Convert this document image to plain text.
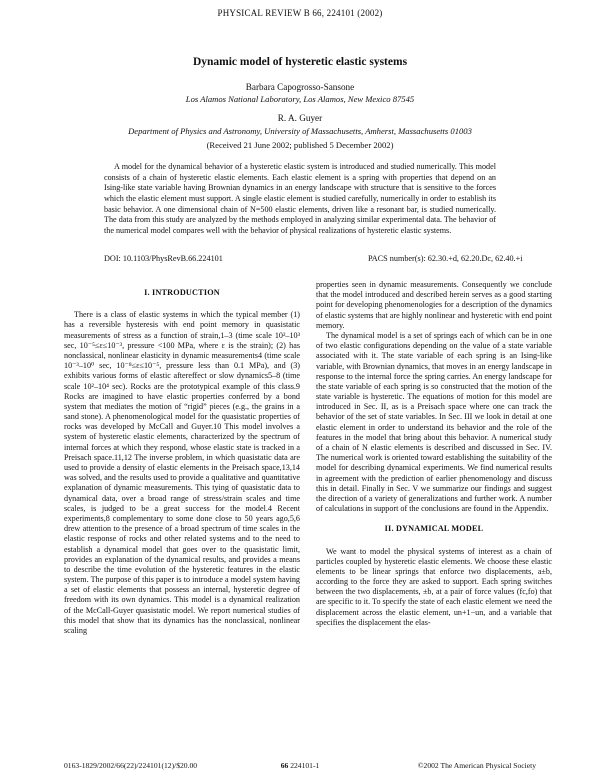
PHYSICAL REVIEW B 66, 224101 (2002)
Dynamic model of hysteretic elastic systems
Barbara Capogrosso-Sansone
Los Alamos National Laboratory, Los Alamos, New Mexico 87545
R. A. Guyer
Department of Physics and Astronomy, University of Massachusetts, Amherst, Massachusetts 01003
(Received 21 June 2002; published 5 December 2002)

A model for the dynamical behavior of a hysteretic elastic system is introduced and studied numerically. This model consists of a chain of hysteretic elastic elements. Each elastic element is a spring with properties that depend on an Ising-like state variable having Brownian dynamics in an energy landscape with structure that is sensitive to the forces which the elastic element must support. A single elastic element is studied carefully, numerically in order to establish its basic behavior. A one dimensional chain of N=500 elastic elements, driven like a resonant bar, is studied numerically. The data from this study are analyzed by the methods employed in analyzing similar experimental data. The behavior of the numerical model compares well with the behavior of physical realizations of hysteretic elastic systems.

DOI: 10.1103/PhysRevB.66.224101	PACS number(s): 62.30.+d, 62.20.Dc, 62.40.+i
I. INTRODUCTION

There is a class of elastic systems in which the typical member (1) has a reversible hysteresis with end point memory in quasistatic measurements of stress as a function of strain,1–3 (time scale 10²–10³ sec, 10⁻⁵≤ε≤10⁻³, pressure <100 MPa, where ε is the strain); (2) has nonclassical, nonlinear elasticity in dynamic measurements4 (time scale 10⁻³–10⁰ sec, 10⁻⁸≤ε≤10⁻⁵, pressure less than 0.1 MPa), and (3) exhibits various forms of elastic aftereffect or slow dynamics5–8 (time scale 10²–10⁴ sec). Rocks are the prototypical example of this class.9 Rocks are imagined to have elastic properties conferred by a bond system that mediates the motion of “rigid” pieces (e.g., the grains in a sand stone). A phenomenological model for the quasistatic properties of rocks was developed by McCall and Guyer.10 This model involves a system of hysteretic elastic elements, characterized by the spectrum of internal forces at which they respond, whose elastic state is tracked in a Preisach space.11,12 The inverse problem, in which quasistatic data are used to provide a density of elastic elements in the Preisach space,13,14 was solved, and the results used to provide a qualitative and quantitative explanation of dynamic measurements. This tying of quasistatic data to dynamical data, over a broad range of stress/strain scales and time scales, is judged to be a great success for the model.4 Recent experiments,8 complementary to some done close to 50 years ago,5,6 drew attention to the presence of a broad spectrum of time scales in the elastic response of rocks and other related systems and to the need to establish a dynamical model that goes over to the quasistatic limit, provides an explanation of the dynamical results, and provides a means to describe the time evolution of the hysteretic features in the elastic system. The purpose of this paper is to introduce a model system having a set of elastic elements that possess an internal, hysteretic degree of freedom with its own dynamics. This model is a dynamical realization of the McCall-Guyer quasistatic model. We report numerical studies of this model that show that its dynamics has the nonclassical, nonlinear scaling

properties seen in dynamic measurements. Consequently we conclude that the model introduced and described herein serves as a good starting point for developing phenomenologies for a description of the dynamics of elastic systems that are highly nonlinear and hysteretic with end point memory.

The dynamical model is a set of springs each of which can be in one of two elastic configurations depending on the value of a state variable associated with it. The state variable of each spring is an Ising-like variable, with Brownian dynamics, that moves in an energy landscape in response to the internal force the spring carries. An energy landscape for the state variable of each spring is so constructed that the motion of the state variable is hysteretic. The equations of motion for this model are introduced in Sec. II, as is a Preisach space where one can track the behavior of the set of state variables. In Sec. III we look in detail at one elastic element in order to understand its behavior and the role of the features in the model that bring about this behavior. A numerical study of a chain of N elastic elements is described and discussed in Sec. IV. The numerical work is oriented toward establishing the suitability of the model for describing dynamical experiments. We find numerical results in agreement with the prediction of earlier phenomenology and discuss this in detail. Finally in Sec. V we summarize our findings and suggest the direction of a variety of generalizations and further work. A number of calculations in support of the conclusions are found in the Appendix.

II. DYNAMICAL MODEL

We want to model the physical systems of interest as a chain of particles coupled by hysteretic elastic elements. We choose these elastic elements to be linear springs that enforce two displacements, a±b, according to the force they are asked to support. Each spring switches between the two displacements, ±b, at a pair of force values (fc,fo) that are specific to it. To specify the state of each elastic element we need the displacement across the elastic element, un+1−un, and a variable that specifies the displacement the elas-

0163-1829/2002/66(22)/224101(12)/$20.00	66 224101-1	©2002 The American Physical Society
